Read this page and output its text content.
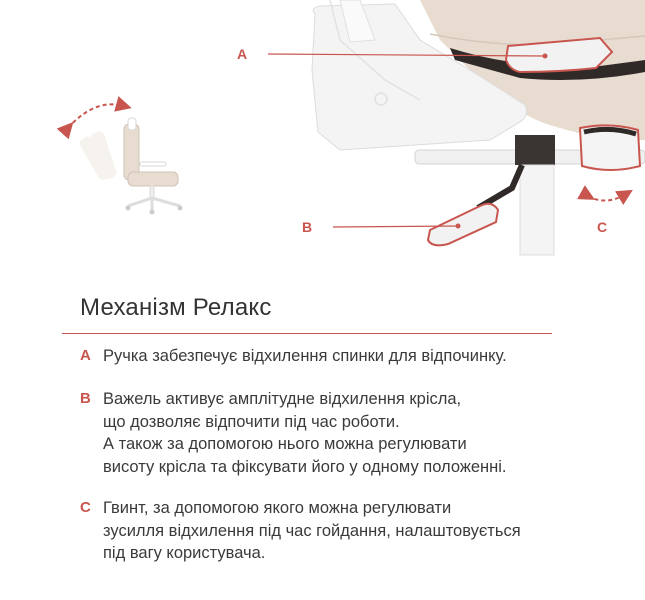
A
B	C
Механізм Релакс
A Ручка забезпечує відхилення спинки для відпочинку.
B Важель активує амплітудне відхилення крісла,
що дозволяє відпочити під час роботи.
А також за допомогою нього можна регулювати
висоту крісла та фіксувати його у одному положенні.
C Гвинт, за допомогою якого можна регулювати
зусилля відхилення під час гойдання, налаштовується
під вагу користувача.
